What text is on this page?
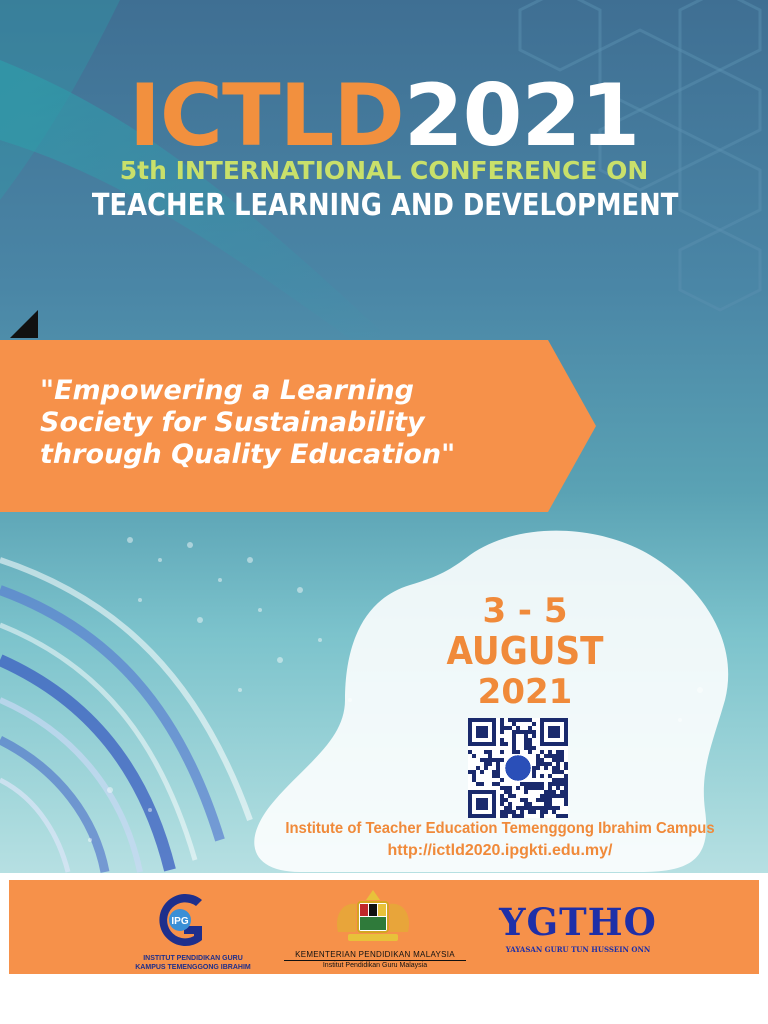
ICTLD2021
5th INTERNATIONAL CONFERENCE ON
TEACHER LEARNING AND DEVELOPMENT
"Empowering a Learning
Society for Sustainability
through Quality Education"
3 - 5
AUGUST
2021
Institute of Teacher Education Temenggong Ibrahim Campus
http://ictld2020.ipgkti.edu.my/
IPG
INSTITUT PENDIDIKAN GURU
KAMPUS TEMENGGONG IBRAHIM
KEMENTERIAN PENDIDIKAN MALAYSIA
Institut Pendidikan Guru Malaysia
YGTHO
YAYASAN GURU TUN HUSSEIN ONN
